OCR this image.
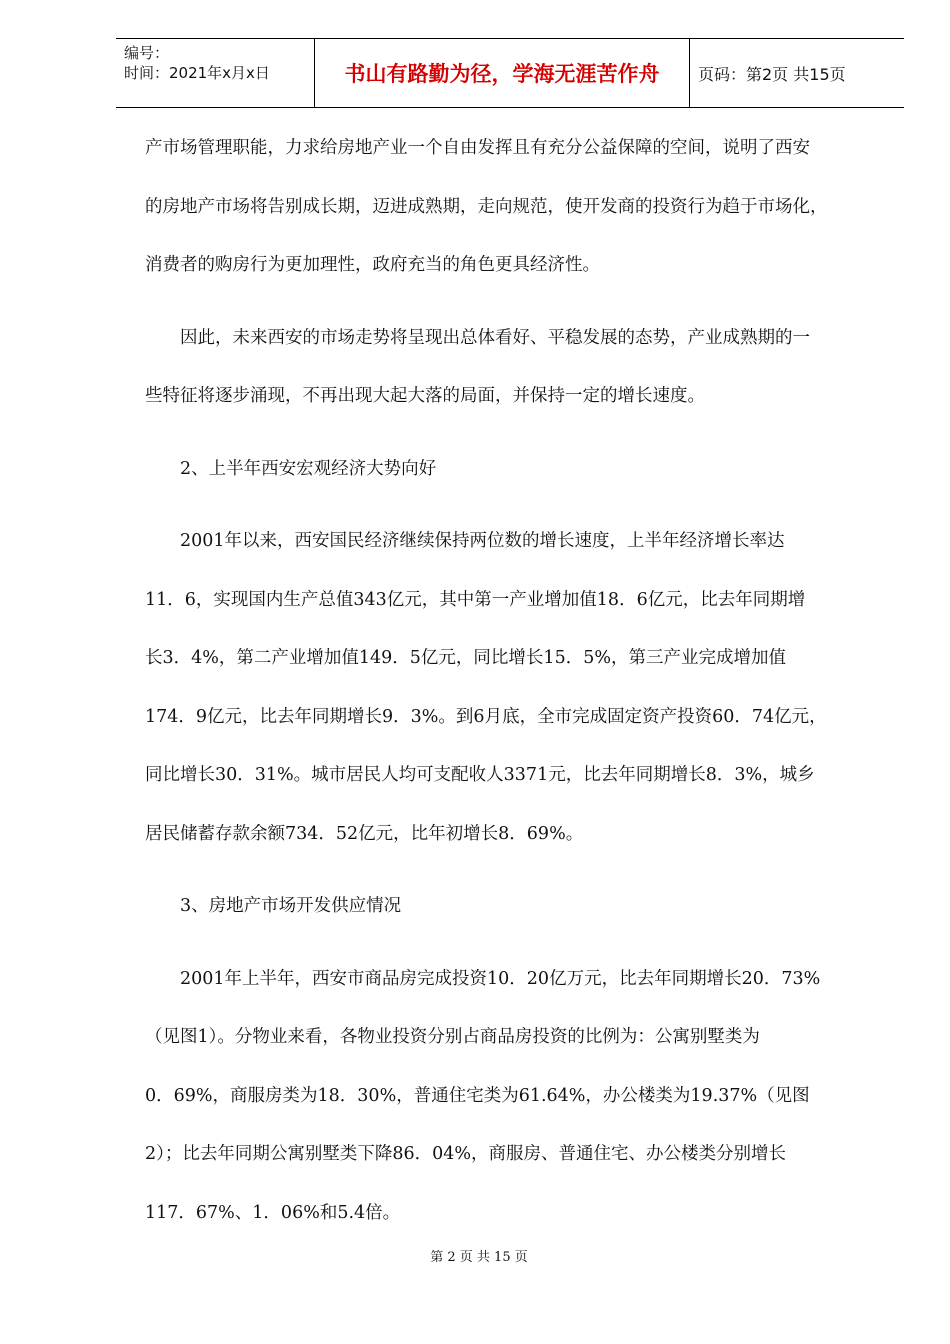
编号：
时间：2021年x月x日	书山有路勤为径，学海无涯苦作舟	页码：第2页 共15页
产市场管理职能，力求给房地产业一个自由发挥且有充分公益保障的空间，说明了西安
的房地产市场将告别成长期，迈进成熟期，走向规范，使开发商的投资行为趋于市场化，
消费者的购房行为更加理性，政府充当的角色更具经济性。
　　因此，未来西安的市场走势将呈现出总体看好、平稳发展的态势，产业成熟期的一
些特征将逐步涌现，不再出现大起大落的局面，并保持一定的增长速度。
　　2、上半年西安宏观经济大势向好
　　2001年以来，西安国民经济继续保持两位数的增长速度，上半年经济增长率达
11．6，实现国内生产总值343亿元，其中第一产业增加值18．6亿元，比去年同期增
长3．4%，第二产业增加值149．5亿元，同比增长15．5%，第三产业完成增加值
174．9亿元，比去年同期增长9．3%。到6月底，全市完成固定资产投资60．74亿元，
同比增长30．31%。城市居民人均可支配收人3371元，比去年同期增长8．3%，城乡
居民储蓄存款余额734．52亿元，比年初增长8．69%。
　　3、房地产市场开发供应情况
　　2001年上半年，西安市商品房完成投资10．20亿万元，比去年同期增长20．73%
（见图1）。分物业来看，各物业投资分别占商品房投资的比例为：公寓别墅类为
0．69%，商服房类为18．30%，普通住宅类为61.64%，办公楼类为19.37%（见图
2）；比去年同期公寓别墅类下降86．04%，商服房、普通住宅、办公楼类分别增长
117．67%、1．06%和5.4倍。
第 2 页 共 15 页
